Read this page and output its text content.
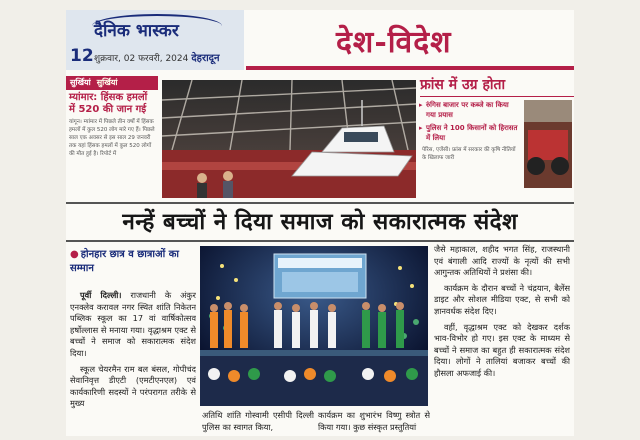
दैनिक भास्कर
12 शुक्रवार, 02 फरवरी, 2024 देहरादून	देश-विदेश
सुर्खियां सुर्खियां
म्यांमार: हिंसक हमलों में 520 की जान गई
यांगून। म्यांमार में पिछले तीन वर्षों में हिंसक हमलों में कुल 520 लोग मारे गए हैं। पिछले साल एक अवसर से इस साल 29 जनवरी तक यहां हिंसक हमलों में कुल 520 लोगों की मौत हुई है। रिपोर्ट में
फ्रांस में उग्र होता
▸ रुंगिस बाजार पर कब्जे का किया गया प्रयास
▸ पुलिस ने 100 किसानों को हिरासत में लिया
पेरिस, एजेंसी। फ्रांस में सरकार की कृषि नीतियों के खिलाफ जारी
नन्हें बच्चों ने दिया समाज को सकारात्मक संदेश
● होनहार छात्र व छात्राओं का सम्मान

पूर्वी दिल्ली। राजधानी के अंकुर एनक्लेव करावल नगर स्थित शांति निकेतन पब्लिक स्कूल का 17 वां वार्षिकोत्सव हर्षोल्लास से मनाया गया। वृद्धाश्रम एक्ट से बच्चों ने समाज को सकारात्मक संदेश दिया।

स्कूल चेयरमैन राम बल बंसल, गोपीचंद सेवानिवृत्त डीएटी (एमटीएनएल) एवं कार्यकारिणी सदस्यों ने परंपरागत तरीके से मुख्य

अतिथि शांति गोस्वामी एसीपी दिल्ली पुलिस का स्वागत किया,

कार्यक्रम का शुभारंभ विष्णु स्त्रोत से किया गया। कुछ संस्कृत प्रस्तुतियां

जैसे महाकाल, शहीद भगत सिंह, राजस्थानी एवं बंगाली आदि राज्यों के नृत्यों की सभी आगुन्तक अतिथियों ने प्रशंसा की।

कार्यक्रम के दौरान बच्चों ने चंद्रयान, बैलेंस डाइट और सोशल मीडिया एक्ट, से सभी को ज्ञानवर्धक संदेश दिए।

वहीं, वृद्धाश्रम एक्ट को देखकर दर्शक भाव-विभोर हो गए। इस एक्ट के माध्यम से बच्चों ने समाज का बहुत ही सकारात्मक संदेश दिया। लोगों ने तालियां बजाकर बच्चों की हौसला अफजाई की।
